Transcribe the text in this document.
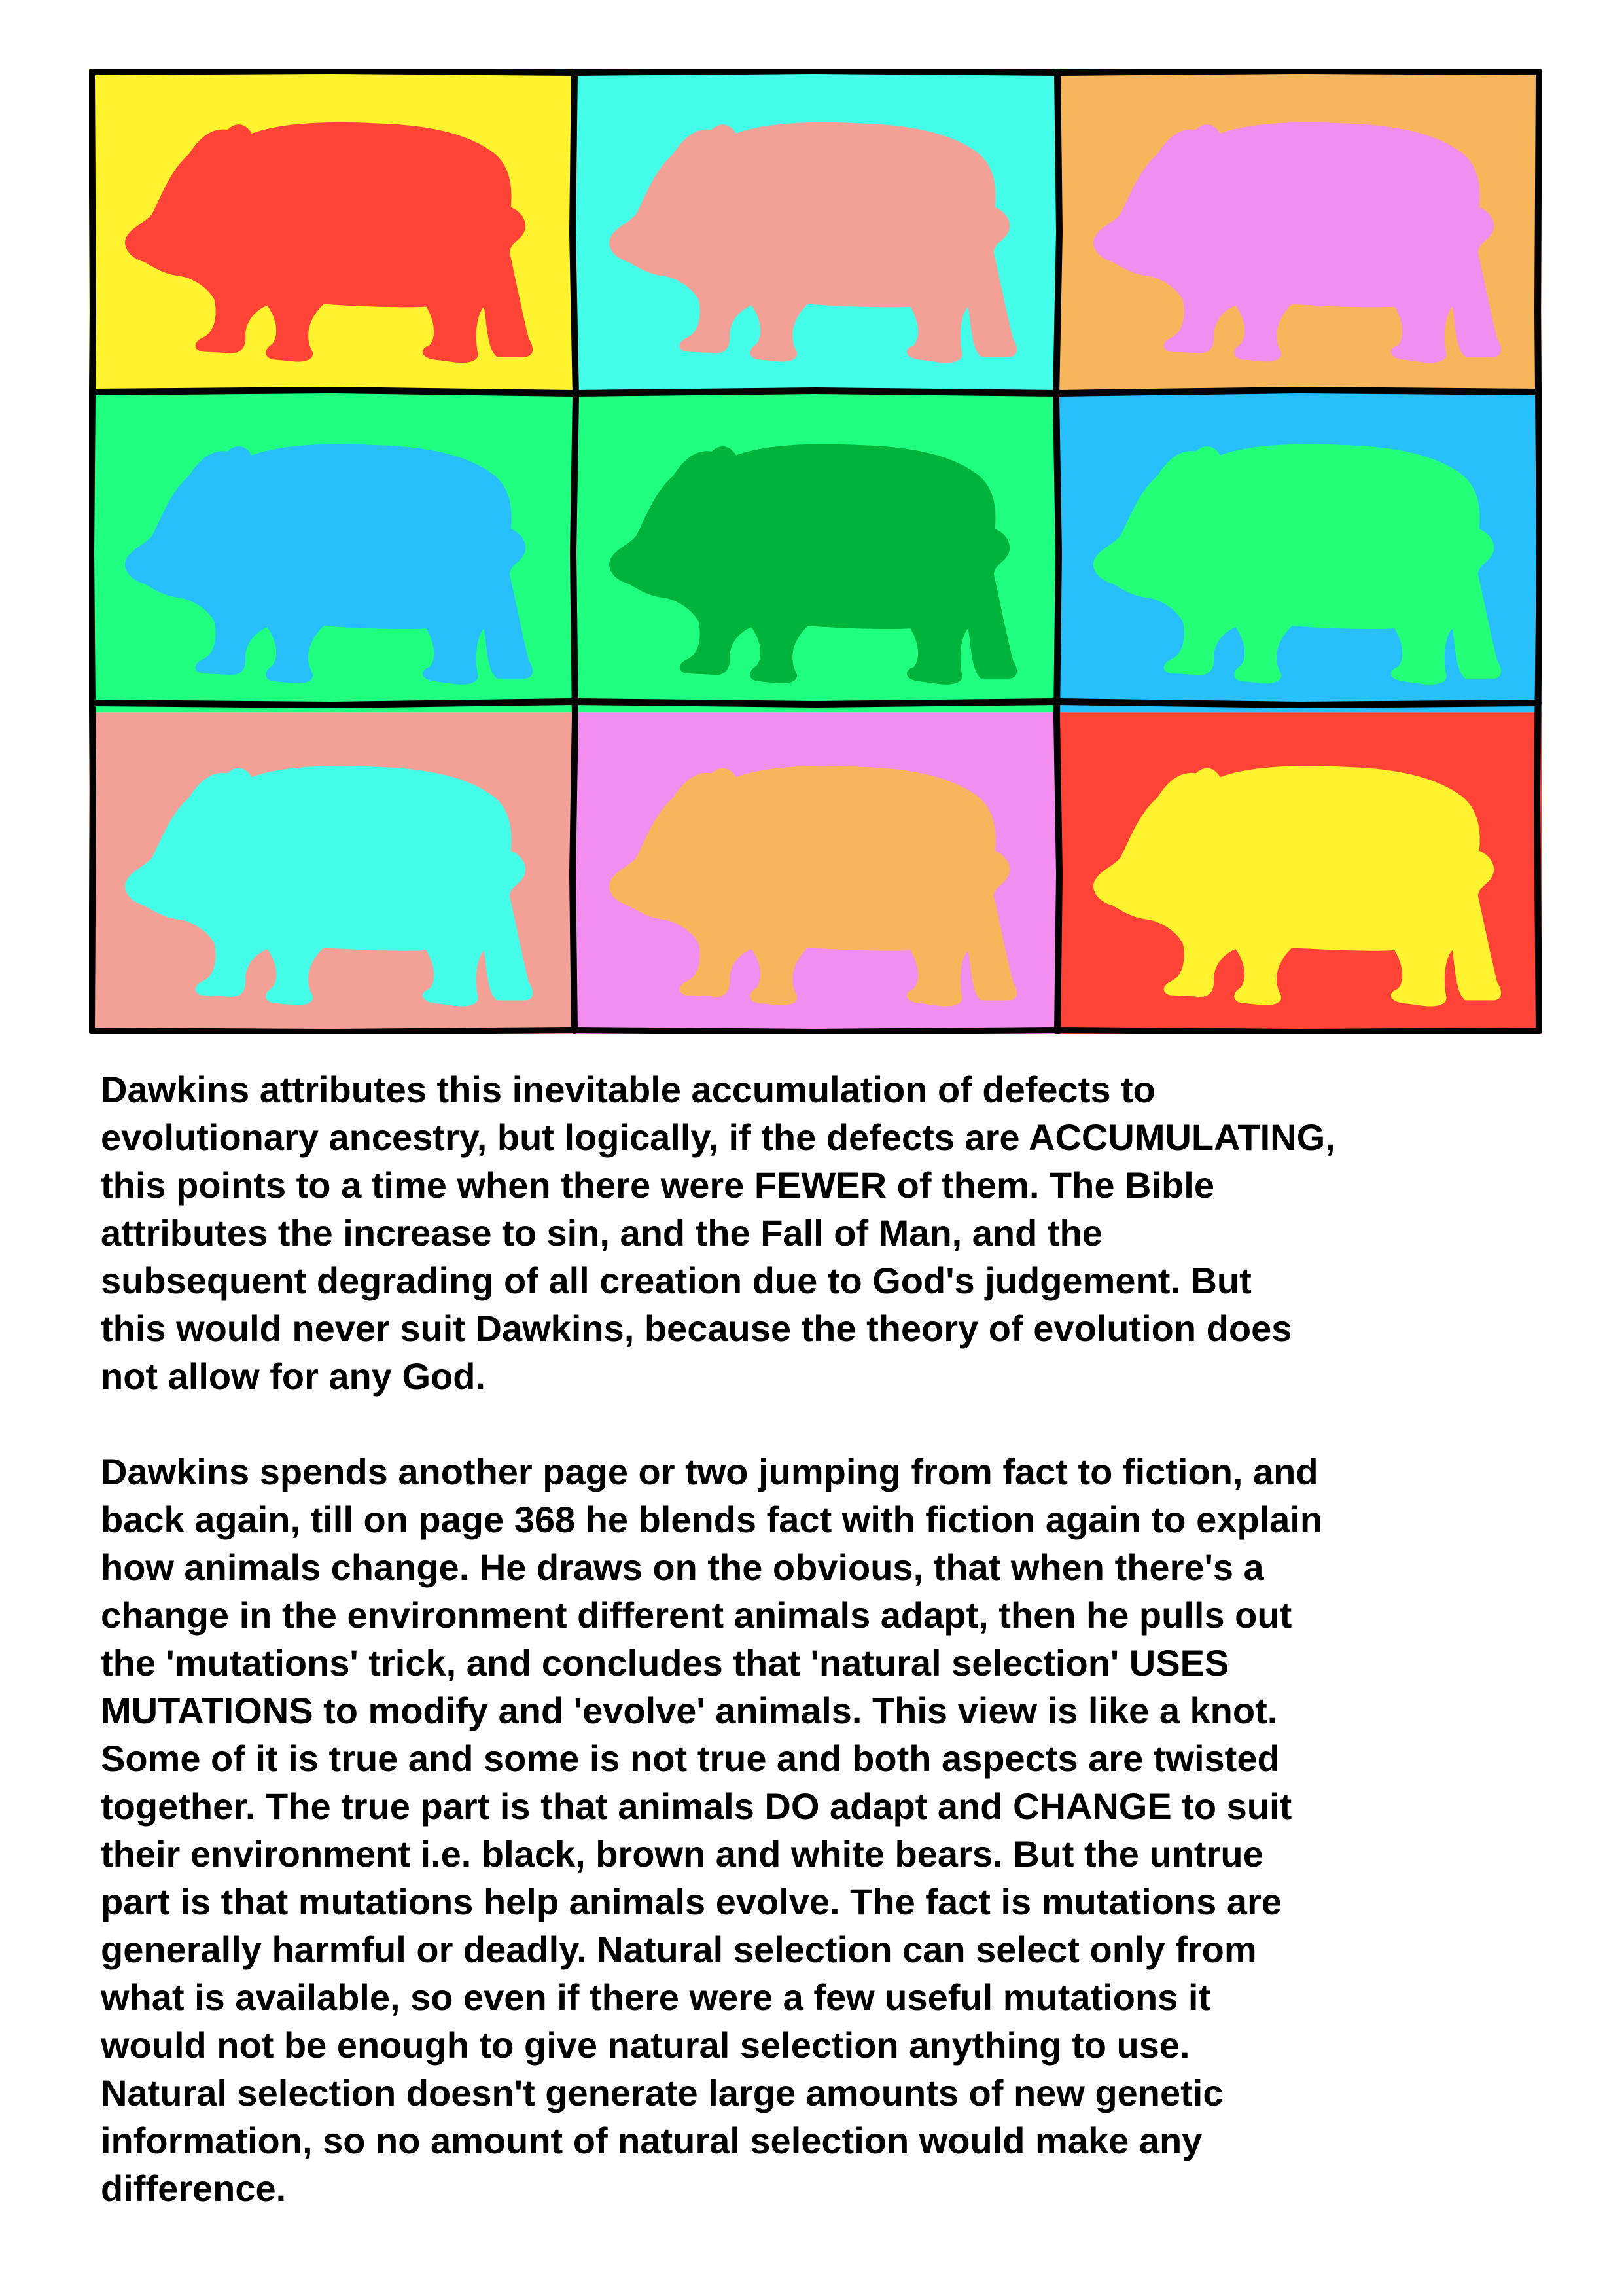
Dawkins attributes this inevitable accumulation of defects to
evolutionary ancestry, but logically, if the defects are ACCUMULATING,
this points to a time when there were FEWER of them. The Bible
attributes the increase to sin, and the Fall of Man, and the
subsequent degrading of all creation due to God's judgement. But
this would never suit Dawkins, because the theory of evolution does
not allow for any God.

Dawkins spends another page or two jumping from fact to fiction, and
back again, till on page 368 he blends fact with fiction again to explain
how animals change. He draws on the obvious, that when there's a
change in the environment different animals adapt, then he pulls out
the 'mutations' trick, and concludes that 'natural selection' USES
MUTATIONS to modify and 'evolve' animals. This view is like a knot.
Some of it is true and some is not true and both aspects are twisted
together. The true part is that animals DO adapt and CHANGE to suit
their environment i.e. black, brown and white bears. But the untrue
part is that mutations help animals evolve. The fact is mutations are
generally harmful or deadly. Natural selection can select only from
what is available, so even if there were a few useful mutations it
would not be enough to give natural selection anything to use.
Natural selection doesn't generate large amounts of new genetic
information, so no amount of natural selection would make any
difference.
